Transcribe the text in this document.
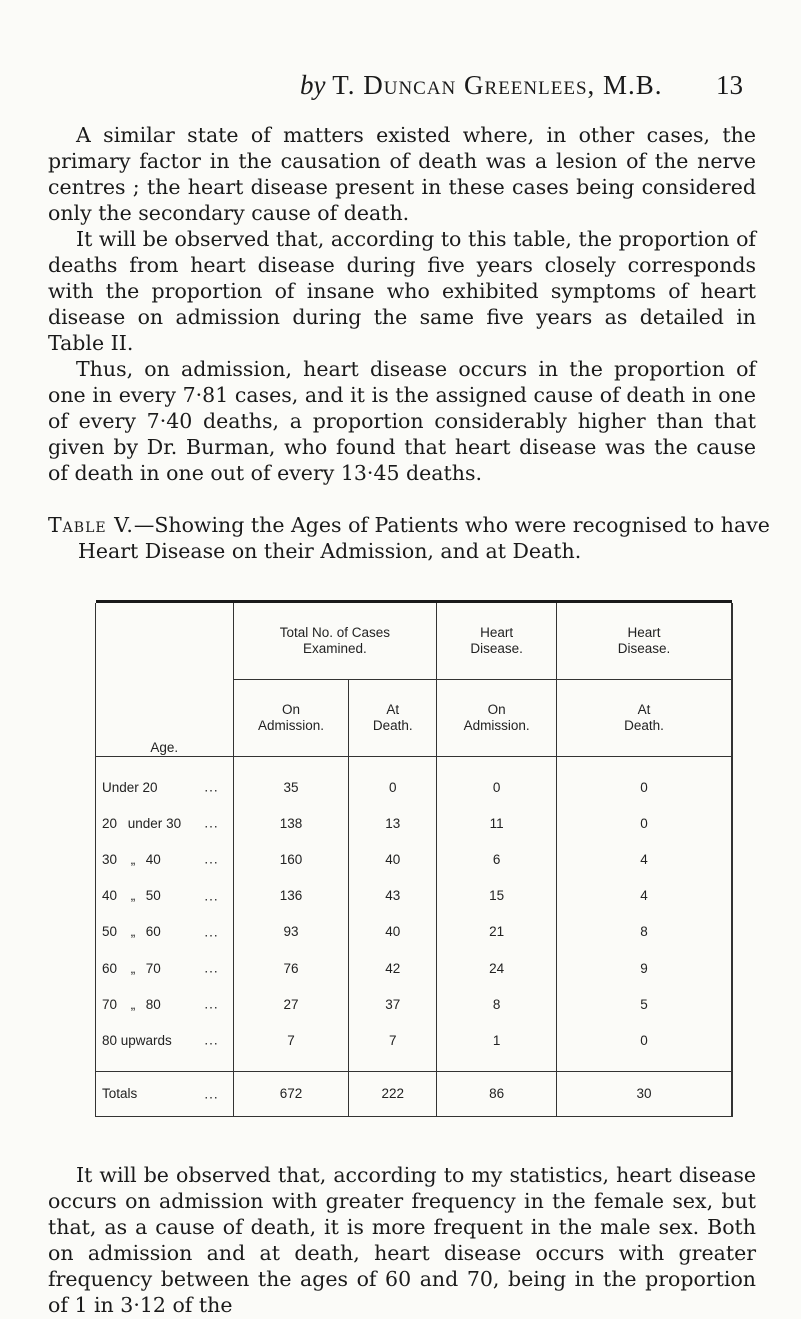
by T. Duncan Greenlees, M.B. 13

A similar state of matters existed where, in other cases, the primary factor in the causation of death was a lesion of the nerve centres ; the heart disease present in these cases being considered only the secondary cause of death.

It will be observed that, according to this table, the proportion of deaths from heart disease during five years closely corresponds with the proportion of insane who exhibited symptoms of heart disease on admission during the same five years as detailed in Table II.

Thus, on admission, heart disease occurs in the proportion of one in every 7·81 cases, and it is the assigned cause of death in one of every 7·40 deaths, a proportion considerably higher than that given by Dr. Burman, who found that heart disease was the cause of death in one out of every 13·45 deaths.

Table V.—Showing the Ages of Patients who were recognised to have Heart Disease on their Admission, and at Death.

Age.	Total No. of Cases Examined.		Heart Disease.	Heart Disease.
	On Admission.	At Death.	On Admission.	At Death.

Under 20 ...	35	0	0	0
20 under 30 ...	138	13	11	0
30 „ 40 ...	160	40	6	4
40 „ 50 ...	136	43	15	4
50 „ 60 ...	93	40	21	8
60 „ 70 ...	76	42	24	9
70 „ 80 ...	27	37	8	5
80 upwards ...	7	7	1	0

Totals ...	672	222	86	30

It will be observed that, according to my statistics, heart disease occurs on admission with greater frequency in the female sex, but that, as a cause of death, it is more frequent in the male sex. Both on admission and at death, heart disease occurs with greater frequency between the ages of 60 and 70, being in the proportion of 1 in 3·12 of the
